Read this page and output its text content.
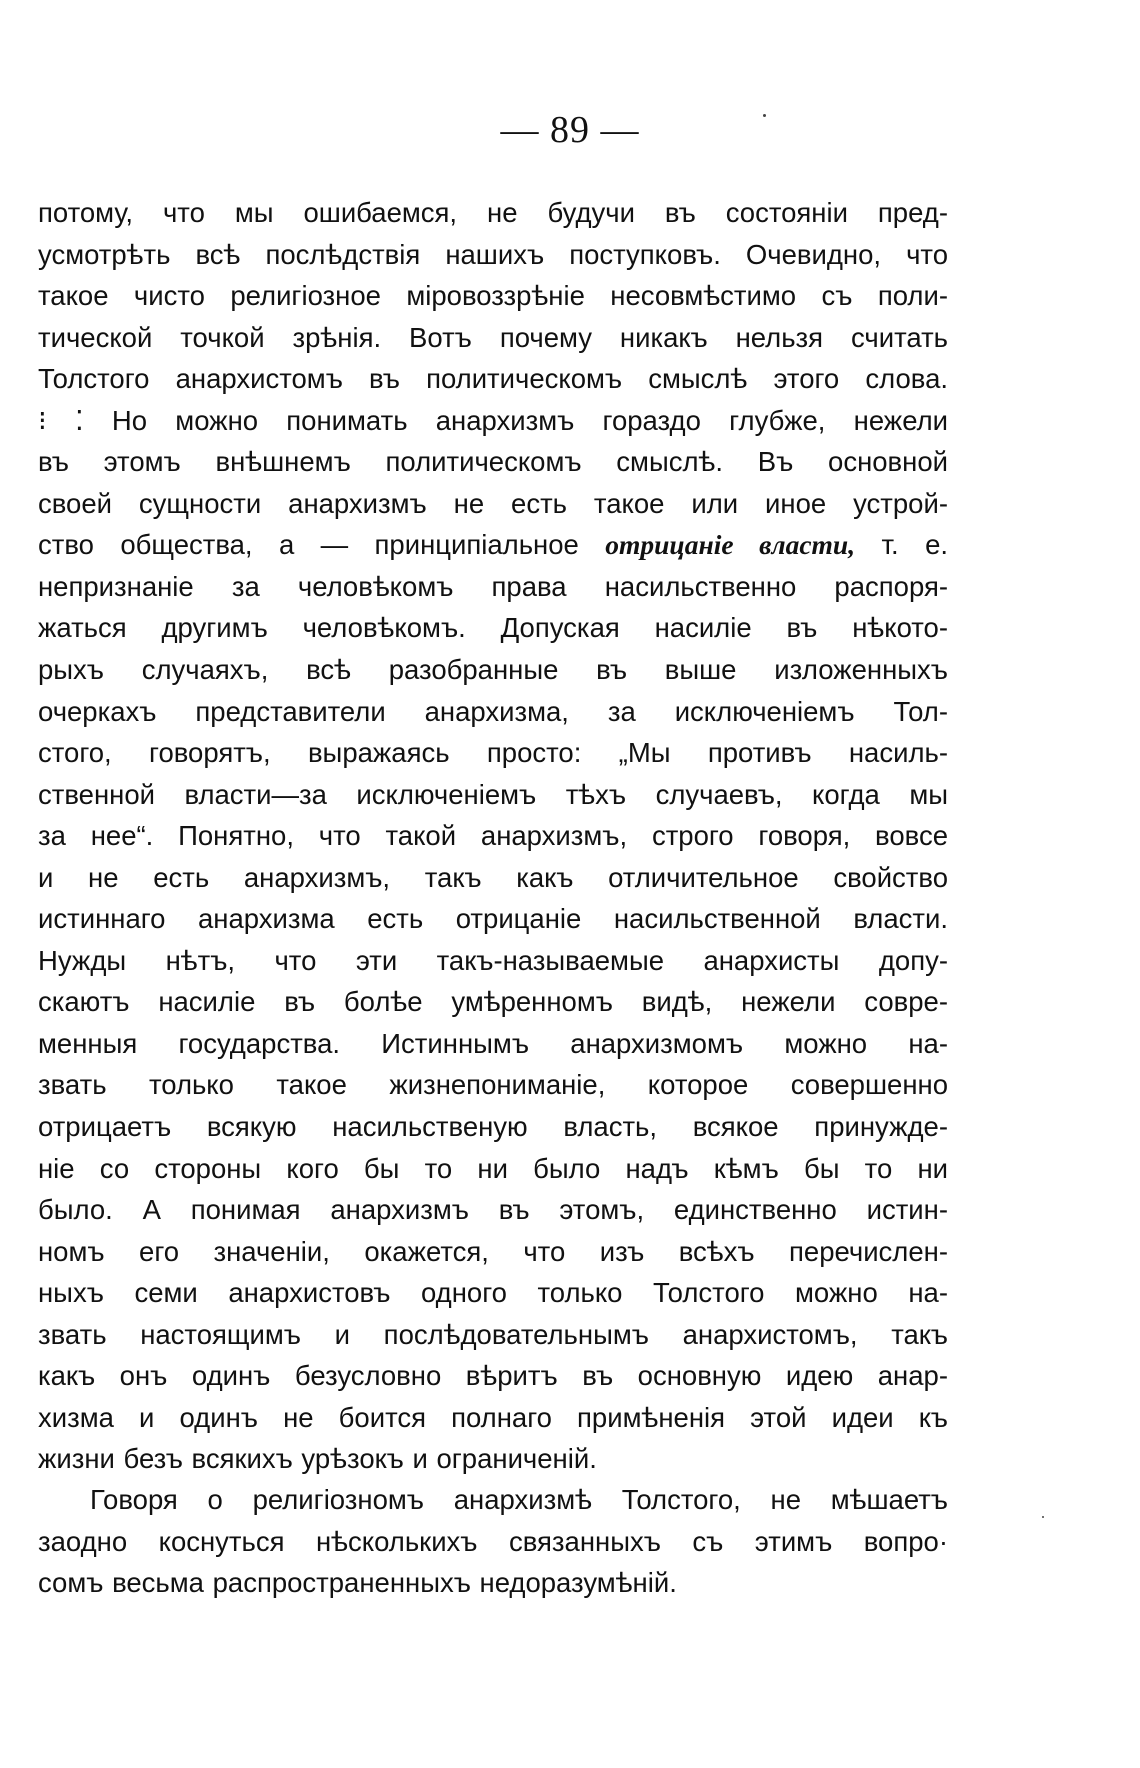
— 89 —
потому, что мы ошибаемся, не будучи въ состоянiи пред-
усмотрѣть всѣ послѣдствiя нашихъ поступковъ. Очевидно, что
такое чисто религiозное мiровоззрѣнiе несовмѣстимо съ поли-
тической точкой зрѣнiя. Вотъ почему никакъ нельзя считать
Толстого анархистомъ въ политическомъ смыслѣ этого слова.
⁝ ⁚ Но можно понимать анархизмъ гораздо глубже, нежели
въ этомъ внѣшнемъ политическомъ смыслѣ. Въ основной
своей сущности анархизмъ не есть такое или иное устрой-
ство общества, а — принципiальное отрицанiе власти, т. е.
непризнанiе за человѣкомъ права насильственно распоря-
жаться другимъ человѣкомъ. Допуская насилiе въ нѣкото-
рыхъ случаяхъ, всѣ разобранные въ выше изложенныхъ
очеркахъ представители анархизма, за исключенiемъ Тол-
стого, говорятъ, выражаясь просто: „Мы противъ насиль-
ственной власти—за исключенiемъ тѣхъ случаевъ, когда мы
за нее“. Понятно, что такой анархизмъ, строго говоря, вовсе
и не есть анархизмъ, такъ какъ отличительное свойство
истиннаго анархизма есть отрицанiе насильственной власти.
Нужды нѣтъ, что эти такъ-называемые анархисты допу-
скаютъ насилiе въ болѣе умѣренномъ видѣ, нежели совре-
менныя государства. Истиннымъ анархизмомъ можно на-
звать только такое жизнепониманiе, которое совершенно
отрицаетъ всякую насильственую власть, всякое принужде-
нiе со стороны кого бы то ни было надъ кѣмъ бы то ни
было. А понимая анархизмъ въ этомъ, единственно истин-
номъ его значенiи, окажется, что изъ всѣхъ перечислен-
ныхъ семи анархистовъ одного только Толстого можно на-
звать настоящимъ и послѣдовательнымъ анархистомъ, такъ
какъ онъ одинъ безусловно вѣритъ въ основную идею анар-
хизма и одинъ не боится полнаго примѣненiя этой идеи къ
жизни безъ всякихъ урѣзокъ и ограниченiй.
Говоря о религiозномъ анархизмѣ Толстого, не мѣшаетъ
заодно коснуться нѣсколькихъ связанныхъ съ этимъ вопро·
сомъ весьма распространенныхъ недоразумѣнiй.
